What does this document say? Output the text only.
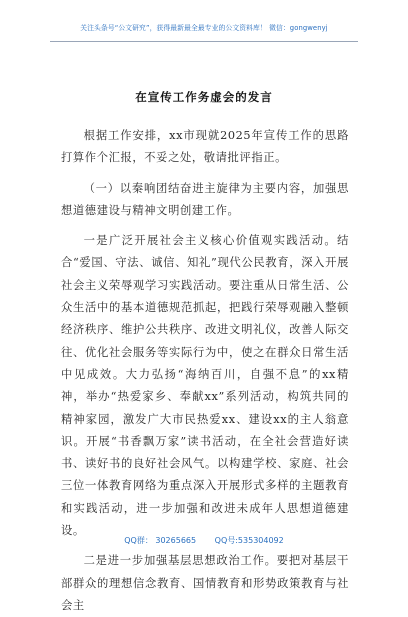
关注头条号“公文研究”，获得最新最全最专业的公文资料库！ 微信：gongwenyj
在宣传工作务虚会的发言

根据工作安排，xx市现就2025年宣传工作的思路打算作个汇报，不妥之处，敬请批评指正。

（一）以秦响团结奋进主旋律为主要内容，加强思想道德建设与精神文明创建工作。

一是广泛开展社会主义核心价值观实践活动。结合“爱国、守法、诚信、知礼”现代公民教育，深入开展社会主义荣辱观学习实践活动。要注重从日常生活、公众生活中的基本道德规范抓起，把践行荣辱观融入整顿经济秩序、维护公共秩序、改进文明礼仪，改善人际交往、优化社会服务等实际行为中，使之在群众日常生活中见成效。大力弘扬“海纳百川，自强不息”的xx精神，举办“热爱家乡、奉献xx”系列活动，构筑共同的精神家园，激发广大市民热爱xx、建设xx的主人翁意识。开展“书香飘万家”读书活动，在全社会营造好读书、读好书的良好社会风气。以构建学校、家庭、社会三位一体教育网络为重点深入开展形式多样的主题教育和实践活动，进一步加强和改进未成年人思想道德建设。

二是进一步加强基层思想政治工作。要把对基层干部群众的理想信念教育、国情教育和形势政策教育与社会主

QQ群： 30265665 QQ号:535304092
